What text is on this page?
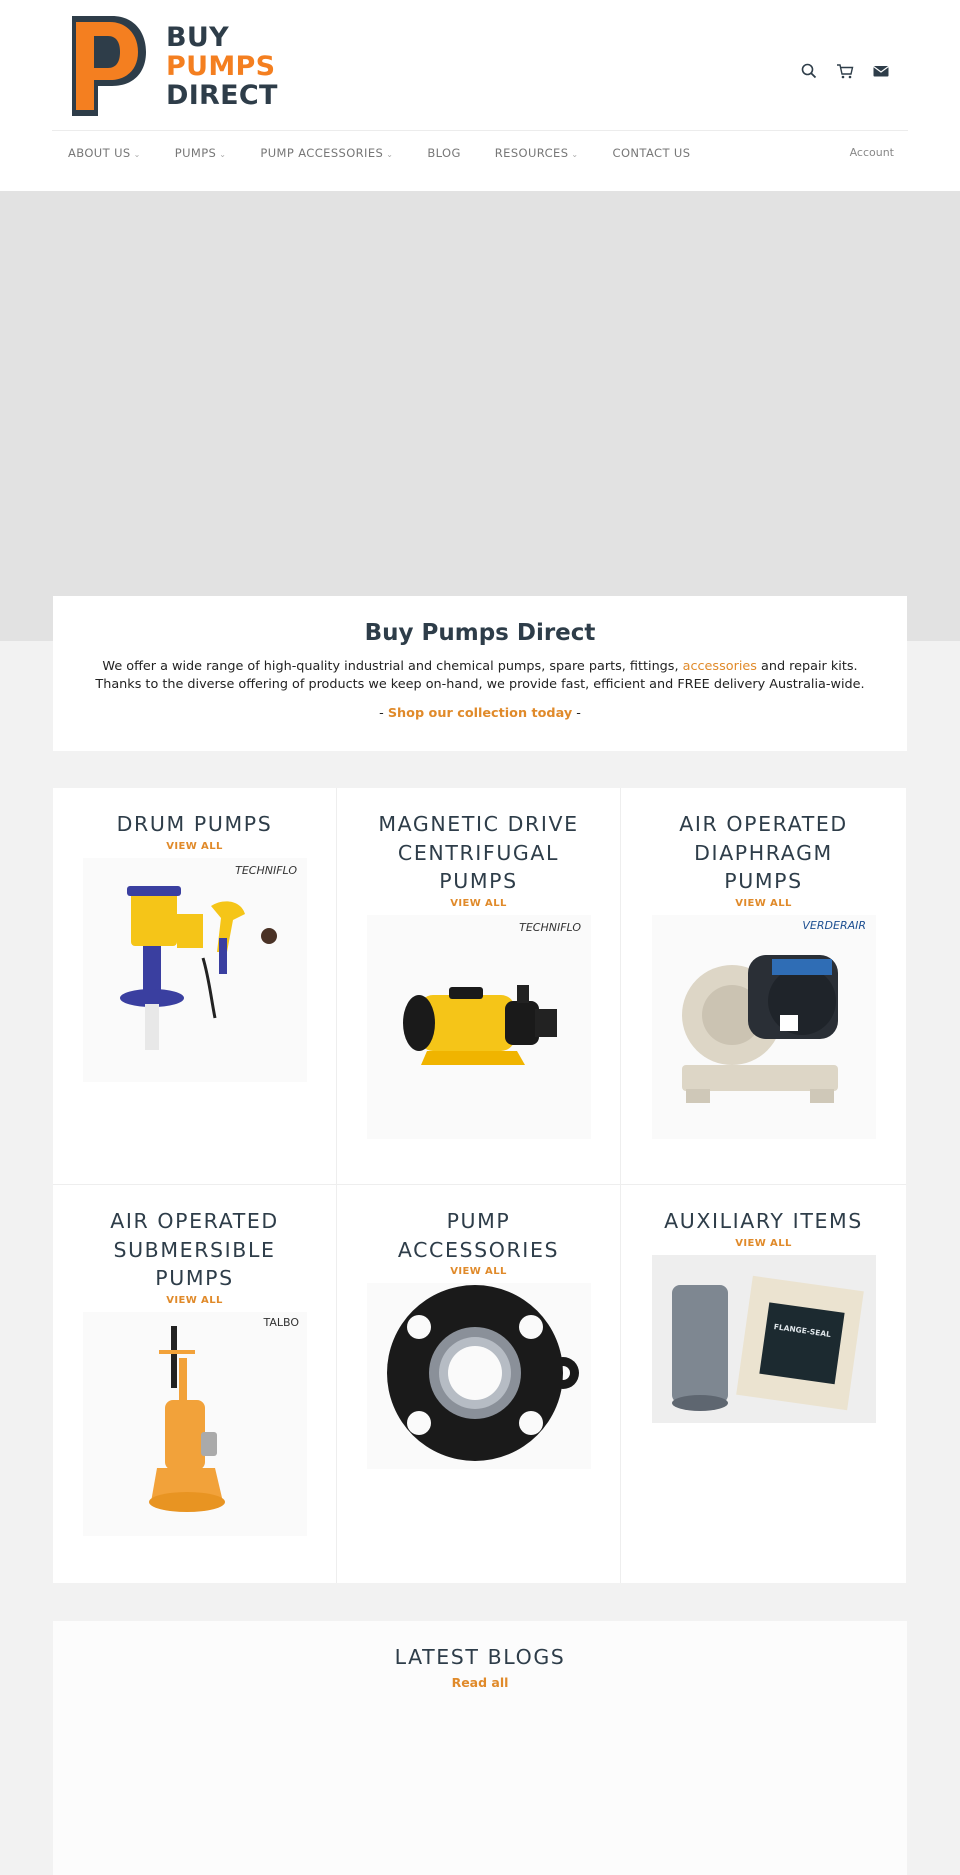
BUY
PUMPS
DIRECT
ABOUT US ⌄	PUMPS ⌄	PUMP ACCESSORIES ⌄	BLOG	RESOURCES ⌄	CONTACT US	Account
Buy Pumps Direct

We offer a wide range of high-quality industrial and chemical pumps, spare parts, fittings, accessories and repair kits. Thanks to the diverse offering of products we keep on-hand, we provide fast, efficient and FREE delivery Australia-wide.

- Shop our collection today -

DRUM PUMPS
VIEW ALL
TECHNIFLO
MAGNETIC DRIVE CENTRIFUGAL PUMPS
VIEW ALL
TECHNIFLO
AIR OPERATED DIAPHRAGM PUMPS
VIEW ALL
VERDERAIR
AIR OPERATED SUBMERSIBLE PUMPS
VIEW ALL
TALBO
PUMP ACCESSORIES
VIEW ALL
AUXILIARY ITEMS
VIEW ALL
FLANGE-SEAL
LATEST BLOGS
Read all
